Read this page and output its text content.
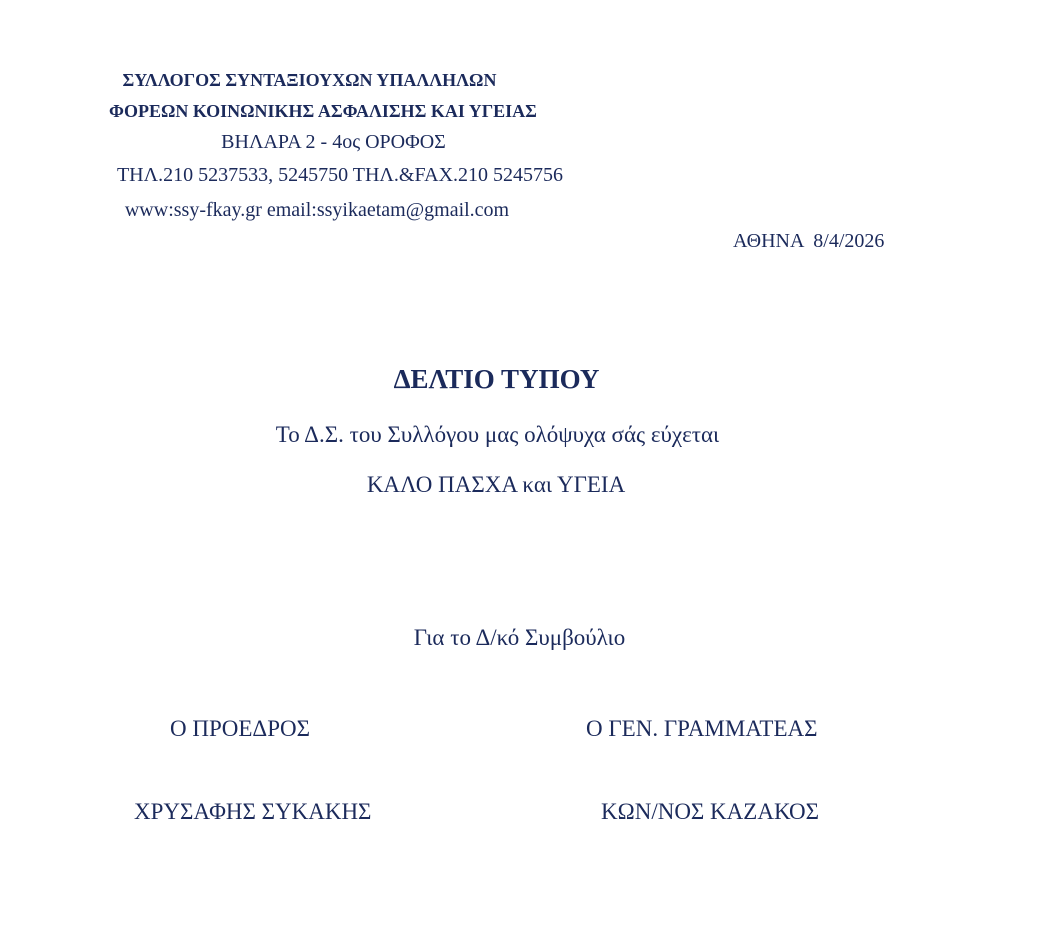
ΣΥΛΛΟΓΟΣ ΣΥΝΤΑΞΙΟΥΧΩΝ ΥΠΑΛΛΗΛΩΝ
ΦΟΡΕΩΝ ΚΟΙΝΩΝΙΚΗΣ ΑΣΦΑΛΙΣΗΣ ΚΑΙ ΥΓΕΙΑΣ
ΒΗΛΑΡΑ 2 - 4ος ΟΡΟΦΟΣ
ΤΗΛ.210 5237533, 5245750 ΤΗΛ.&FAX.210 5245756
www:ssy-fkay.gr email:ssyikaetam@gmail.com
ΑΘΗΝΑ  8/4/2026
ΔΕΛΤΙΟ ΤΥΠΟΥ
Το Δ.Σ. του Συλλόγου μας ολόψυχα σάς εύχεται
ΚΑΛΟ ΠΑΣΧΑ και ΥΓΕΙΑ
Για το Δ/κό Συμβούλιο
Ο ΠΡΟΕΔΡΟΣ	Ο ΓΕΝ. ΓΡΑΜΜΑΤΕΑΣ
ΧΡΥΣΑΦΗΣ ΣΥΚΑΚΗΣ	ΚΩΝ/ΝΟΣ ΚΑΖΑΚΟΣ
